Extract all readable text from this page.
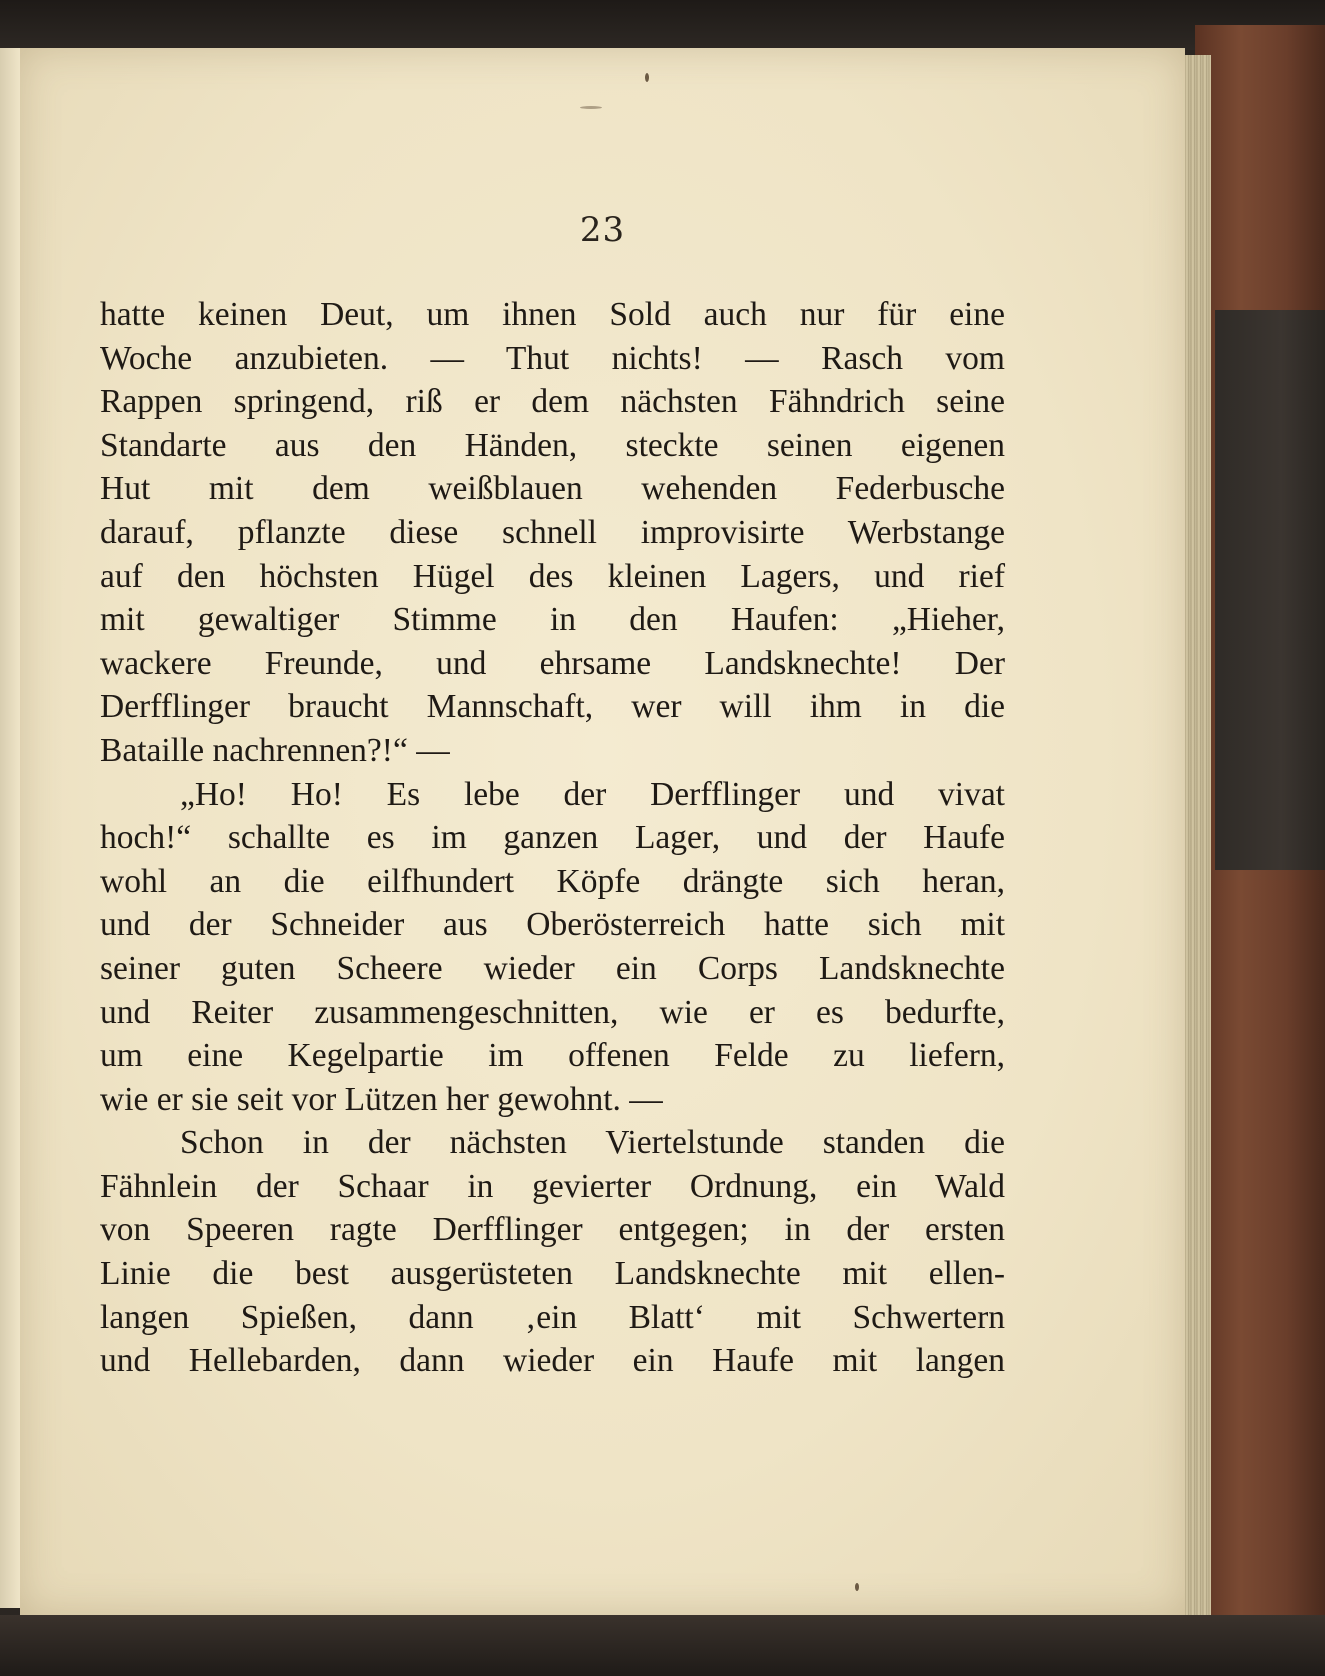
23
hatte keinen Deut, um ihnen Sold auch nur für eine
Woche anzubieten. — Thut nichts! — Rasch vom
Rappen springend, riß er dem nächsten Fähndrich seine
Standarte aus den Händen, steckte seinen eigenen
Hut mit dem weißblauen wehenden Federbusche
darauf, pflanzte diese schnell improvisirte Werbstange
auf den höchsten Hügel des kleinen Lagers, und rief
mit gewaltiger Stimme in den Haufen: „Hieher,
wackere Freunde, und ehrsame Landsknechte! Der
Derfflinger braucht Mannschaft, wer will ihm in die
Bataille nachrennen?!“ —
„Ho! Ho! Es lebe der Derfflinger und vivat
hoch!“ schallte es im ganzen Lager, und der Haufe
wohl an die eilfhundert Köpfe drängte sich heran,
und der Schneider aus Oberösterreich hatte sich mit
seiner guten Scheere wieder ein Corps Landsknechte
und Reiter zusammengeschnitten, wie er es bedurfte,
um eine Kegelpartie im offenen Felde zu liefern,
wie er sie seit vor Lützen her gewohnt. —
Schon in der nächsten Viertelstunde standen die
Fähnlein der Schaar in gevierter Ordnung, ein Wald
von Speeren ragte Derfflinger entgegen; in der ersten
Linie die best ausgerüsteten Landsknechte mit ellen-
langen Spießen, dann ‚ein Blatt‘ mit Schwertern
und Hellebarden, dann wieder ein Haufe mit langen
